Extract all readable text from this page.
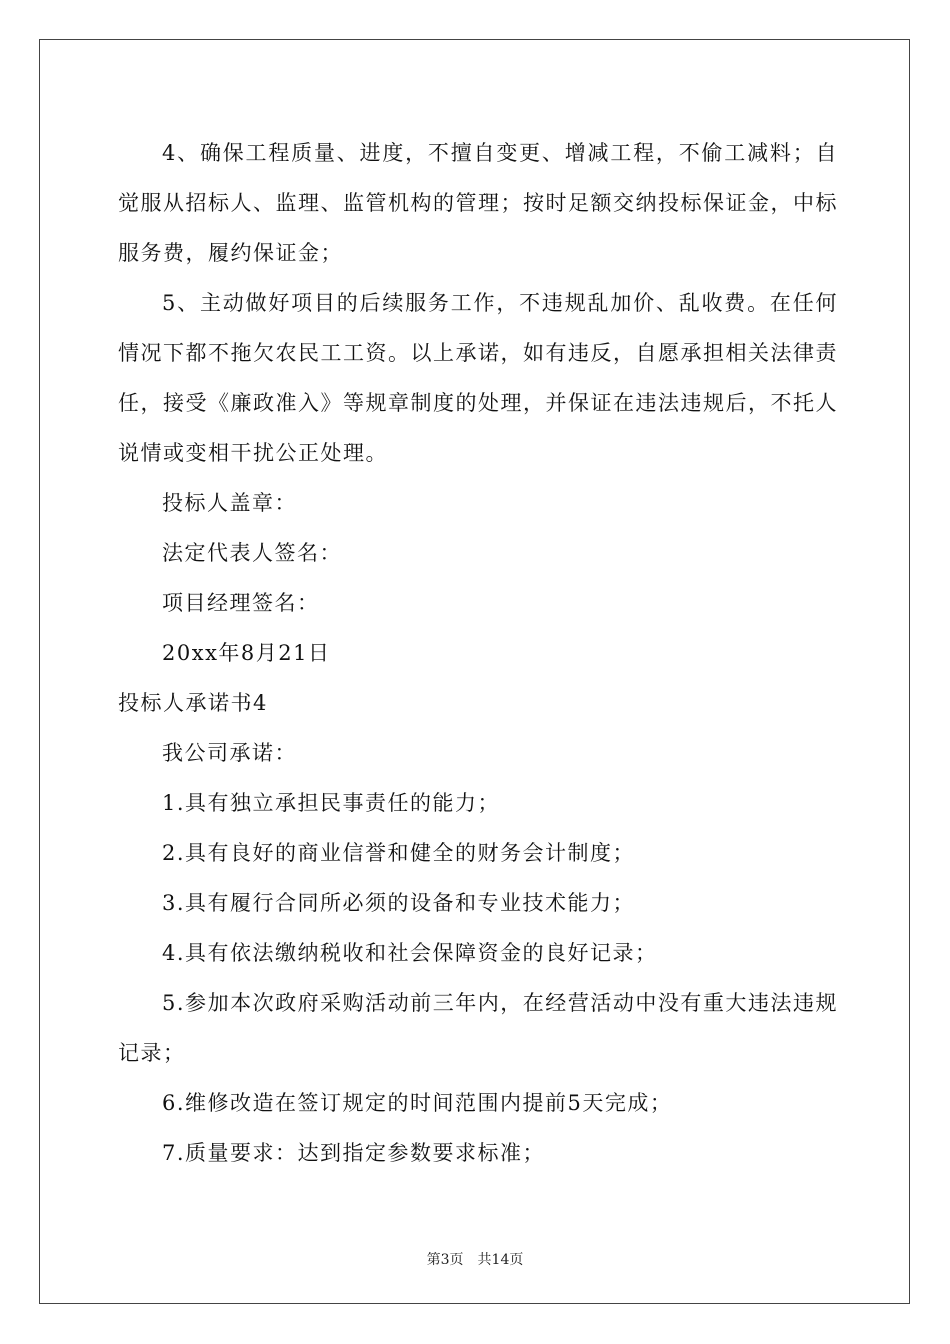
4、确保工程质量、进度，不擅自变更、增减工程，不偷工减料；自觉服从招标人、监理、监管机构的管理；按时足额交纳投标保证金，中标服务费，履约保证金；

5、主动做好项目的后续服务工作，不违规乱加价、乱收费。在任何情况下都不拖欠农民工工资。以上承诺，如有违反，自愿承担相关法律责任，接受《廉政准入》等规章制度的处理，并保证在违法违规后，不托人说情或变相干扰公正处理。

投标人盖章：

法定代表人签名：

项目经理签名：

20xx年8月21日

投标人承诺书4

我公司承诺：

1.具有独立承担民事责任的能力；

2.具有良好的商业信誉和健全的财务会计制度；

3.具有履行合同所必须的设备和专业技术能力；

4.具有依法缴纳税收和社会保障资金的良好记录；

5.参加本次政府采购活动前三年内，在经营活动中没有重大违法违规记录；

6.维修改造在签订规定的时间范围内提前5天完成；

7.质量要求：达到指定参数要求标准；

第3页 共14页
